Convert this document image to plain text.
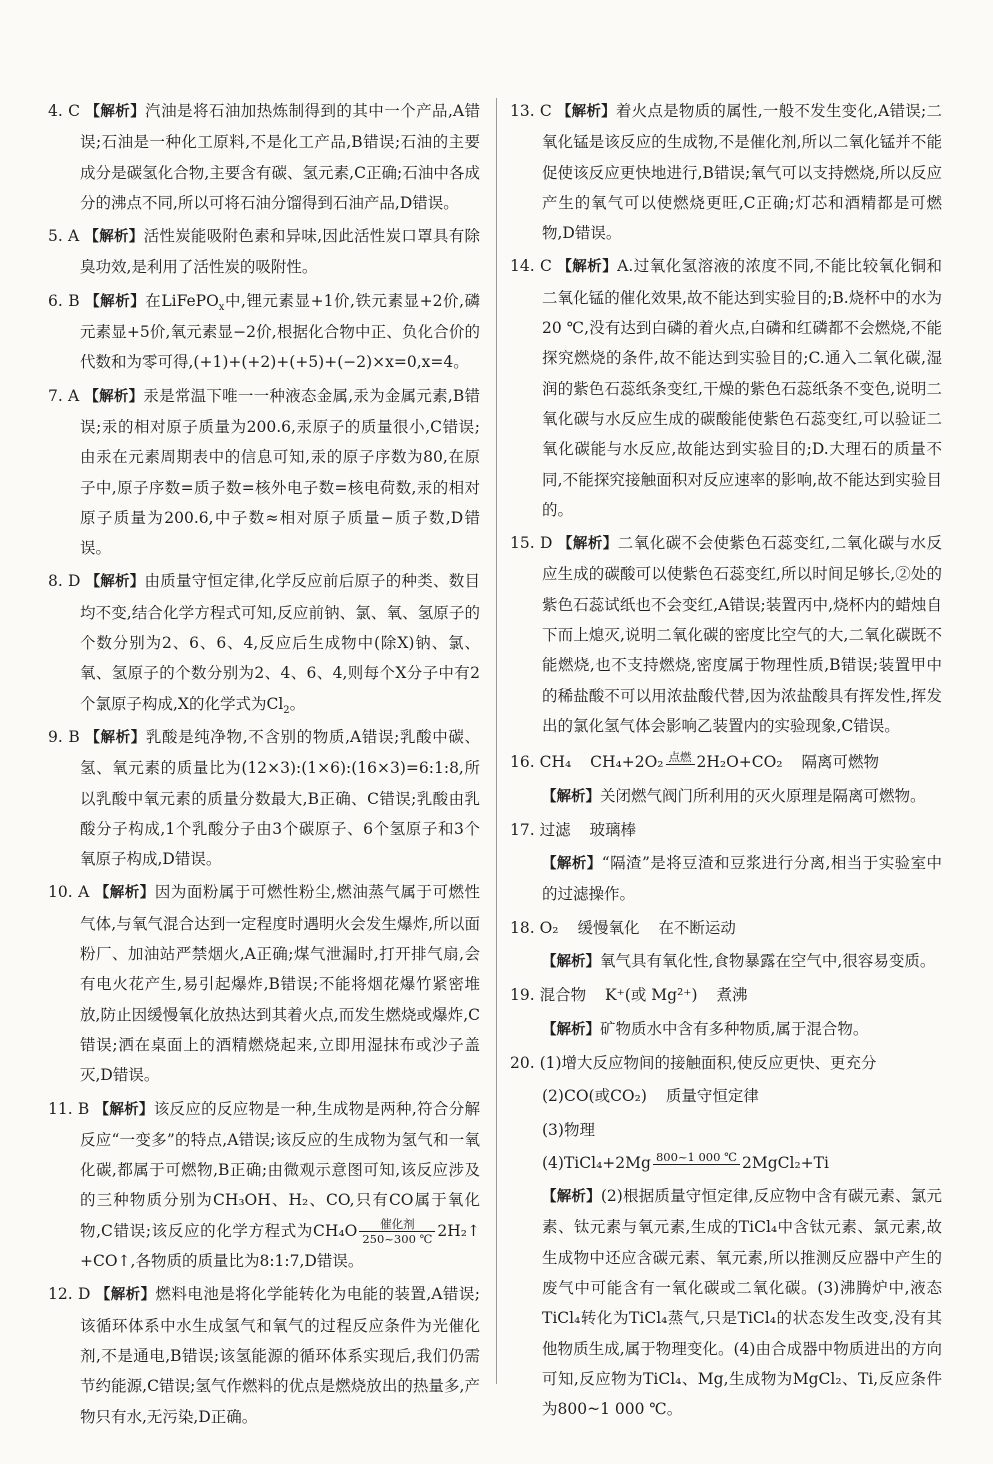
4. C 【解析】汽油是将石油加热炼制得到的其中一个产品,A错误;石油是一种化工原料,不是化工产品,B错误;石油的主要成分是碳氢化合物,主要含有碳、氢元素,C正确;石油中各成分的沸点不同,所以可将石油分馏得到石油产品,D错误。
5. A 【解析】活性炭能吸附色素和异味,因此活性炭口罩具有除臭功效,是利用了活性炭的吸附性。
6. B 【解析】在LiFePO$_x$中,锂元素显+1价,铁元素显+2价,磷元素显+5价,氧元素显−2价,根据化合物中正、负化合价的代数和为零可得,(+1)+(+2)+(+5)+(−2)×x=0,x=4。
7. A 【解析】汞是常温下唯一一种液态金属,汞为金属元素,B错误;汞的相对原子质量为200.6,汞原子的质量很小,C错误;由汞在元素周期表中的信息可知,汞的原子序数为80,在原子中,原子序数=质子数=核外电子数=核电荷数,汞的相对原子质量为200.6,中子数≈相对原子质量−质子数,D错误。
8. D 【解析】由质量守恒定律,化学反应前后原子的种类、数目均不变,结合化学方程式可知,反应前钠、氯、氧、氢原子的个数分别为2、6、6、4,反应后生成物中(除X)钠、氯、氧、氢原子的个数分别为2、4、6、4,则每个X分子中有2个氯原子构成,X的化学式为$Cl_2$。
9. B 【解析】乳酸是纯净物,不含别的物质,A错误;乳酸中碳、氢、氧元素的质量比为(12×3):(1×6):(16×3)=6:1:8,所以乳酸中氧元素的质量分数最大,B正确、C错误;乳酸由乳酸分子构成,1个乳酸分子由3个碳原子、6个氢原子和3个氧原子构成,D错误。
10. A 【解析】因为面粉属于可燃性粉尘,燃油蒸气属于可燃性气体,与氧气混合达到一定程度时遇明火会发生爆炸,所以面粉厂、加油站严禁烟火,A正确;煤气泄漏时,打开排气扇,会有电火花产生,易引起爆炸,B错误;不能将烟花爆竹紧密堆放,防止因缓慢氧化放热达到其着火点,而发生燃烧或爆炸,C错误;洒在桌面上的酒精燃烧起来,立即用湿抹布或沙子盖灭,D错误。
11. B 【解析】该反应的反应物是一种,生成物是两种,符合分解反应“一变多”的特点,A错误;该反应的生成物为氢气和一氧化碳,都属于可燃物,B正确;由微观示意图可知,该反应涉及的三种物质分别为CH₃OH、H₂、CO,只有CO属于氧化物,C错误;该反应的化学方程式为CH₄O	催化剂
250~300 ℃ 2H₂↑ +CO↑,各物质的质量比为8:1:7,D错误。
12. D 【解析】燃料电池是将化学能转化为电能的装置,A错误;该循环体系中水生成氢气和氧气的过程反应条件为光催化剂,不是通电,B错误;该氢能源的循环体系实现后,我们仍需节约能源,C错误;氢气作燃料的优点是燃烧放出的热量多,产物只有水,无污染,D正确。
13. C 【解析】着火点是物质的属性,一般不发生变化,A错误;二氧化锰是该反应的生成物,不是催化剂,所以二氧化锰并不能促使该反应更快地进行,B错误;氧气可以支持燃烧,所以反应产生的氧气可以使燃烧更旺,C正确;灯芯和酒精都是可燃物,D错误。
14. C 【解析】A.过氧化氢溶液的浓度不同,不能比较氧化铜和二氧化锰的催化效果,故不能达到实验目的;B.烧杯中的水为20 ℃,没有达到白磷的着火点,白磷和红磷都不会燃烧,不能探究燃烧的条件,故不能达到实验目的;C.通入二氧化碳,湿润的紫色石蕊纸条变红,干燥的紫色石蕊纸条不变色,说明二氧化碳与水反应生成的碳酸能使紫色石蕊变红,可以验证二氧化碳能与水反应,故能达到实验目的;D.大理石的质量不同,不能探究接触面积对反应速率的影响,故不能达到实验目的。
15. D 【解析】二氧化碳不会使紫色石蕊变红,二氧化碳与水反应生成的碳酸可以使紫色石蕊变红,所以时间足够长,②处的紫色石蕊试纸也不会变红,A错误;装置丙中,烧杯内的蜡烛自下而上熄灭,说明二氧化碳的密度比空气的大,二氧化碳既不能燃烧,也不支持燃烧,密度属于物理性质,B错误;装置甲中的稀盐酸不可以用浓盐酸代替,因为浓盐酸具有挥发性,挥发出的氯化氢气体会影响乙装置内的实验现象,C错误。
16. CH₄ CH₄+2O₂ 点燃 2H₂O+CO₂ 隔离可燃物
【解析】关闭燃气阀门所利用的灭火原理是隔离可燃物。
17. 过滤 玻璃棒
【解析】“隔渣”是将豆渣和豆浆进行分离,相当于实验室中的过滤操作。
18. O₂ 缓慢氧化 在不断运动
【解析】氧气具有氧化性,食物暴露在空气中,很容易变质。
19. 混合物 K⁺(或 Mg²⁺) 煮沸
【解析】矿物质水中含有多种物质,属于混合物。
20. (1)增大反应物间的接触面积,使反应更快、更充分
(2)CO(或CO₂) 质量守恒定律
(3)物理
(4)TiCl₄+2Mg 800~1 000 ℃ 2MgCl₂+Ti
【解析】(2)根据质量守恒定律,反应物中含有碳元素、氯元素、钛元素与氧元素,生成的TiCl₄中含钛元素、氯元素,故生成物中还应含碳元素、氧元素,所以推测反应器中产生的废气中可能含有一氧化碳或二氧化碳。(3)沸腾炉中,液态TiCl₄转化为TiCl₄蒸气,只是TiCl₄的状态发生改变,没有其他物质生成,属于物理变化。(4)由合成器中物质进出的方向可知,反应物为TiCl₄、Mg,生成物为MgCl₂、Ti,反应条件为800~1 000 ℃。
